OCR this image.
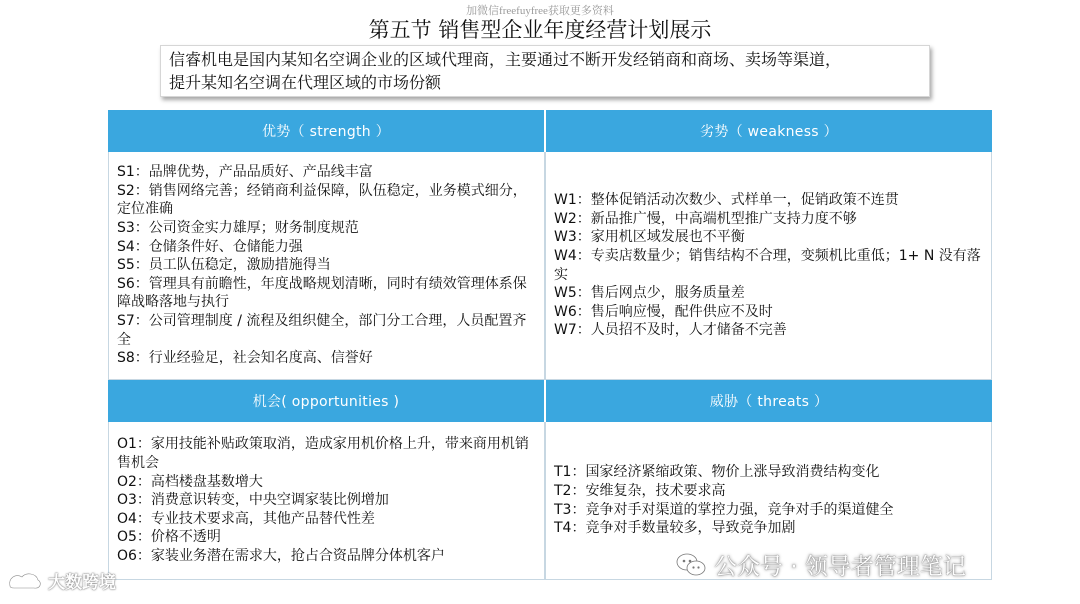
加微信freefuyfree获取更多资料
第五节 销售型企业年度经营计划展示
信睿机电是国内某知名空调企业的区域代理商，主要通过不断开发经销商和商场、卖场等渠道，
提升某知名空调在代理区域的市场份额
优势（ strength ）	劣势（ weakness ）
S1：品牌优势，产品品质好、产品线丰富
S2：销售网络完善；经销商利益保障，队伍稳定，业务模式细分，定位准确
S3：公司资金实力雄厚；财务制度规范
S4：仓储条件好、仓储能力强
S5：员工队伍稳定，激励措施得当
S6：管理具有前瞻性，年度战略规划清晰，同时有绩效管理体系保障战略落地与执行
S7：公司管理制度 / 流程及组织健全，部门分工合理，人员配置齐全
S8：行业经验足，社会知名度高、信誉好
W1：整体促销活动次数少、式样单一，促销政策不连贯
W2：新品推广慢，中高端机型推广支持力度不够
W3：家用机区域发展也不平衡
W4：专卖店数量少；销售结构不合理，变频机比重低；1+ N 没有落实
W5：售后网点少，服务质量差
W6：售后响应慢，配件供应不及时
W7：人员招不及时，人才储备不完善
机会( opportunities )	威胁（ threats ）
O1：家用技能补贴政策取消，造成家用机价格上升，带来商用机销售机会
O2：高档楼盘基数增大
O3：消费意识转变，中央空调家装比例增加
O4：专业技术要求高，其他产品替代性差
O5：价格不透明
O6：家装业务潜在需求大，抢占合资品牌分体机客户
T1：国家经济紧缩政策、物价上涨导致消费结构变化
T2：安维复杂，技术要求高
T3：竞争对手对渠道的掌控力强，竞争对手的渠道健全
T4：竞争对手数量较多，导致竞争加剧
大数跨境
公众号 · 领导者管理笔记
